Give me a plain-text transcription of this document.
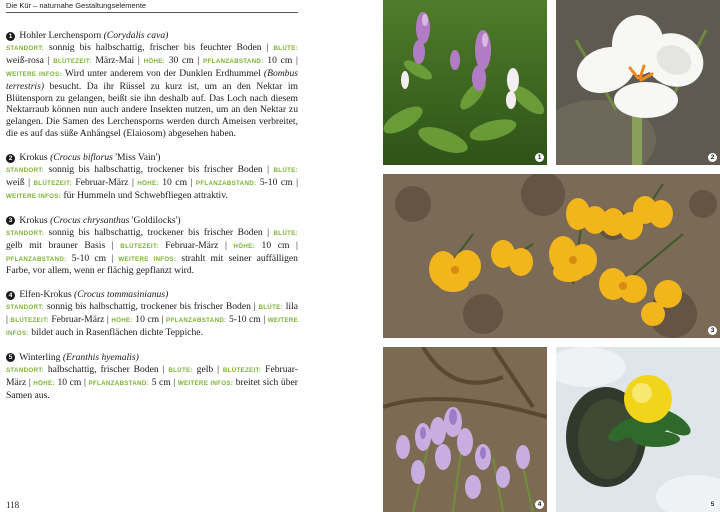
Die Kür – naturnahe Gestaltungselemente
1 Hohler Lerchensporn (Corydalis cava)
STANDORT: sonnig bis halbschattig, frischer bis feuchter Boden | BLÜTE: weiß-rosa | BLÜTEZEIT: März-Mai | HÖHE: 30 cm | PFLANZABSTAND: 10 cm | WEITERE INFOS: Wird unter anderem von der Dunklen Erdhummel (Bombus terrestris) besucht. Da ihr Rüssel zu kurz ist, um an den Nektar im Blütensporn zu gelangen, beißt sie ihn deshalb auf. Das Loch nach diesem Nektarraub können nun auch andere Insekten nutzen, um an den Nektar zu gelangen. Die Samen des Lerchensporns werden durch Ameisen verbreitet, die es auf das süße Anhängsel (Elaiosom) abgesehen haben.
2 Krokus (Crocus biflorus 'Miss Vain')
STANDORT: sonnig bis halbschattig, trockener bis frischer Boden | BLÜTE: weiß | BLÜTEZEIT: Februar-März | HÖHE: 10 cm | PFLANZABSTAND: 5-10 cm | WEITERE INFOS: für Hummeln und Schwebfliegen attraktiv.
3 Krokus (Crocus chrysanthus 'Goldilocks')
STANDORT: sonnig bis halbschattig, trockener bis frischer Boden | BLÜTE: gelb mit brauner Basis | BLÜTEZEIT: Februar-März | HÖHE: 10 cm | PFLANZABSTAND: 5-10 cm | WEITERE INFOS: strahlt mit seiner auffälligen Farbe, vor allem, wenn er flächig gepflanzt wird.
4 Elfen-Krokus (Crocus tommasinianus)
STANDORT: sonnig bis halbschattig, trockener bis frischer Boden | BLÜTE: lila | BLÜTEZEIT: Februar-März | HÖHE: 10 cm | PFLANZABSTAND: 5-10 cm | WEITERE INFOS: bildet auch in Rasenflächen dichte Teppiche.
5 Winterling (Eranthis hyemalis)
STANDORT: halbschattig, frischer Boden | BLÜTE: gelb | BLÜTEZEIT: Februar-März | HÖHE: 10 cm | PFLANZABSTAND: 5 cm | WEITERE INFOS: breitet sich über Samen aus.
118
1	2
3
4	5
